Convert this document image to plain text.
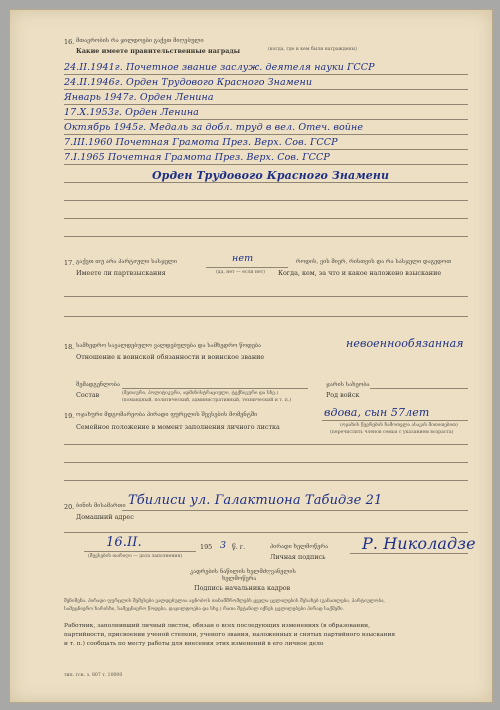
16. მთავრობის რა ჯილდოები გაქვთ მიღებული
Какие имеете правительственные награды	(когда, где и кем были награждены)
24.II.1941г. Почетное звание заслуж. деятеля науки ГССР
24.II.1946г. Орден Трудового Красного Знамени
Январь 1947г. Орден Ленина
17.Х.1953г. Орден Ленина
Октябрь 1945г. Медаль за добл. труд в вел. Отеч. войне
7.III.1960 Почетная Грамота През. Верх. Сов. ГССР
7.I.1965 Почетная Грамота През. Верх. Сов. ГССР
Орден Трудового Красного Знамени
17. გაქვთ თუ არა პარტიული სასჯელი	нет	როდის, ვის მიერ, რისთვის და რა სასჯელი დაგედოთ
Имеете ли партвзыскания	(да, нет — если нет) Когда, кем, за что и какое наложено взыскание
18. სამხედრო სავალდებულო ვალდებულება და სამხედრო წოდება	невоеннообязанная
Отношение к воинской обязанности и воинское звание
შემადგენლობა	ჯარის სახეობა
Состав	(მეთაური, პოლიტიკური, ადმინისტრაციული, ტექნიკური და სხვ.)	Род войск
(командный, политический, административный, технический и т. п.)
19. ოჯახური მდგომარეობა პირადი ფურცლის შევსების მომენტში	вдова, сын 57лет
Семейное положение в момент заполнения личного листка	(ოჯახის წევრების ჩამოთვლა ასაკის მითითებით)
(перечислить членов семьи с указанием возраста)
20. ბინის მისამართი Тбилиси ул. Галактиона Табидзе 21
Домашний адрес
16.II.	195 3 წ. г.
(შევსების თარიღი — дата заполнения)
პირადი ხელმოწერა
Личная подпись
Р. Николадзе
კადრების ნაწილის ხელმძღვანელის
ხელმოწერა
Подпись начальника кадров
შენიშვნა. პირადი ფურცლის შემვსები ვალდებულია აცნობოს თანამშრომლებს ყველა ცვლილების შესახებ (განათლება, პარტიულობა,
სამეცნიერო ხარისხი, სამეცნიერო წოდება, დაჯილდოება და სხვ.) რათა შეტანილ იქნეს ცვლილებები პირად საქმეში.
Работник, заполнивший личный листок, обязан о всех последующих изменениях (в образовании,
партийности, присвоении ученой степени, ученого звания, наложенных и снятых партийного взыскания
и т. п.) сообщать по месту работы для внесения этих изменений в его личное дело
тип. гсн. з. 807 т. 10000
